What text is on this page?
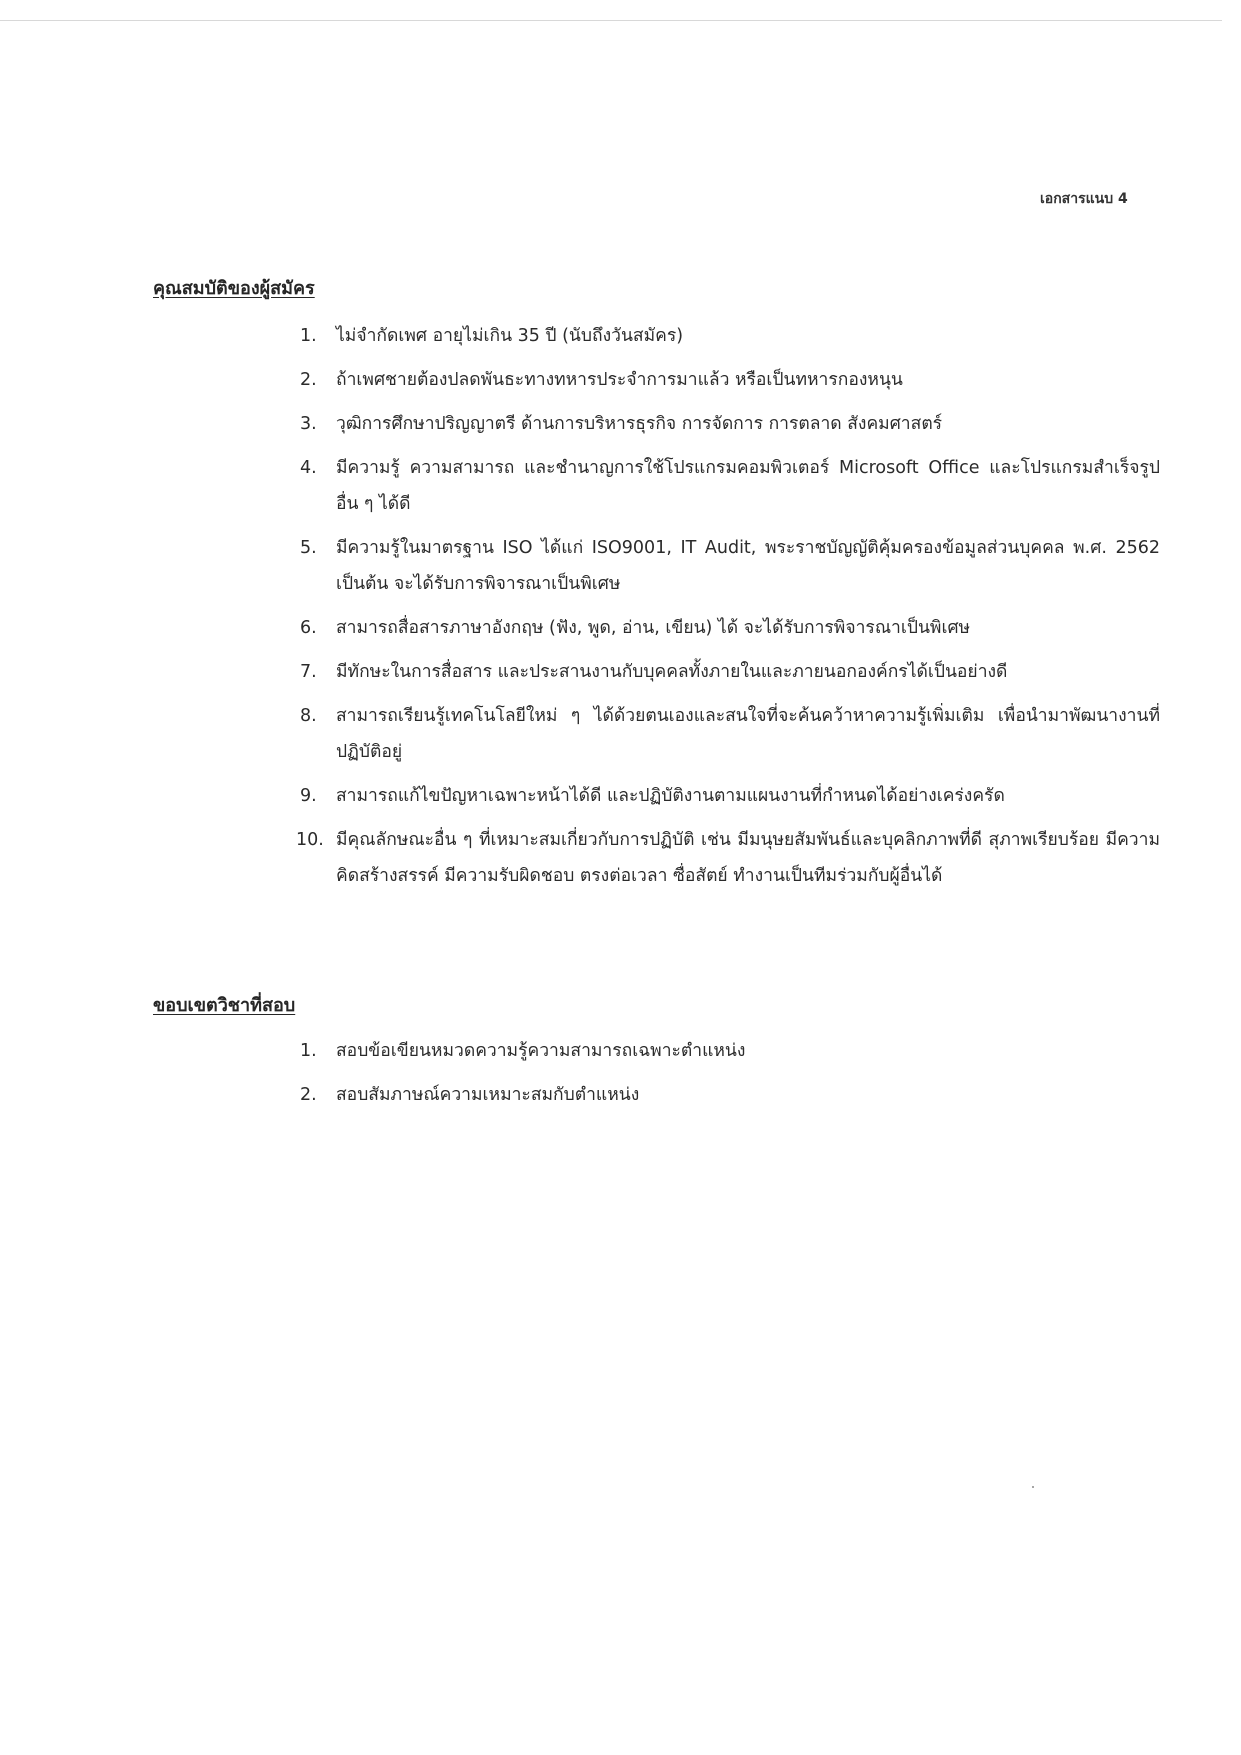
เอกสารแนบ 4
คุณสมบัติของผู้สมัคร
1.	ไม่จำกัดเพศ อายุไม่เกิน 35 ปี (นับถึงวันสมัคร)
2.	ถ้าเพศชายต้องปลดพันธะทางทหารประจำการมาแล้ว หรือเป็นทหารกองหนุน
3.	วุฒิการศึกษาปริญญาตรี ด้านการบริหารธุรกิจ การจัดการ การตลาด สังคมศาสตร์
4.	มีความรู้ ความสามารถ และชำนาญการใช้โปรแกรมคอมพิวเตอร์ Microsoft Office และโปรแกรมสำเร็จรูปอื่น ๆ ได้ดี
5.	มีความรู้ในมาตรฐาน ISO ได้แก่ ISO9001, IT Audit, พระราชบัญญัติคุ้มครองข้อมูลส่วนบุคคล พ.ศ. 2562 เป็นต้น จะได้รับการพิจารณาเป็นพิเศษ
6.	สามารถสื่อสารภาษาอังกฤษ (ฟัง, พูด, อ่าน, เขียน) ได้ จะได้รับการพิจารณาเป็นพิเศษ
7.	มีทักษะในการสื่อสาร และประสานงานกับบุคคลทั้งภายในและภายนอกองค์กรได้เป็นอย่างดี
8.	สามารถเรียนรู้เทคโนโลยีใหม่ ๆ ได้ด้วยตนเองและสนใจที่จะค้นคว้าหาความรู้เพิ่มเติม เพื่อนำมาพัฒนางานที่ปฏิบัติอยู่
9.	สามารถแก้ไขปัญหาเฉพาะหน้าได้ดี และปฏิบัติงานตามแผนงานที่กำหนดได้อย่างเคร่งครัด
10. มีคุณลักษณะอื่น ๆ ที่เหมาะสมเกี่ยวกับการปฏิบัติ เช่น มีมนุษยสัมพันธ์และบุคลิกภาพที่ดี สุภาพเรียบร้อย มีความคิดสร้างสรรค์ มีความรับผิดชอบ ตรงต่อเวลา ซื่อสัตย์ ทำงานเป็นทีมร่วมกับผู้อื่นได้
ขอบเขตวิชาที่สอบ
1.	สอบข้อเขียนหมวดความรู้ความสามารถเฉพาะตำแหน่ง
2.	สอบสัมภาษณ์ความเหมาะสมกับตำแหน่ง
